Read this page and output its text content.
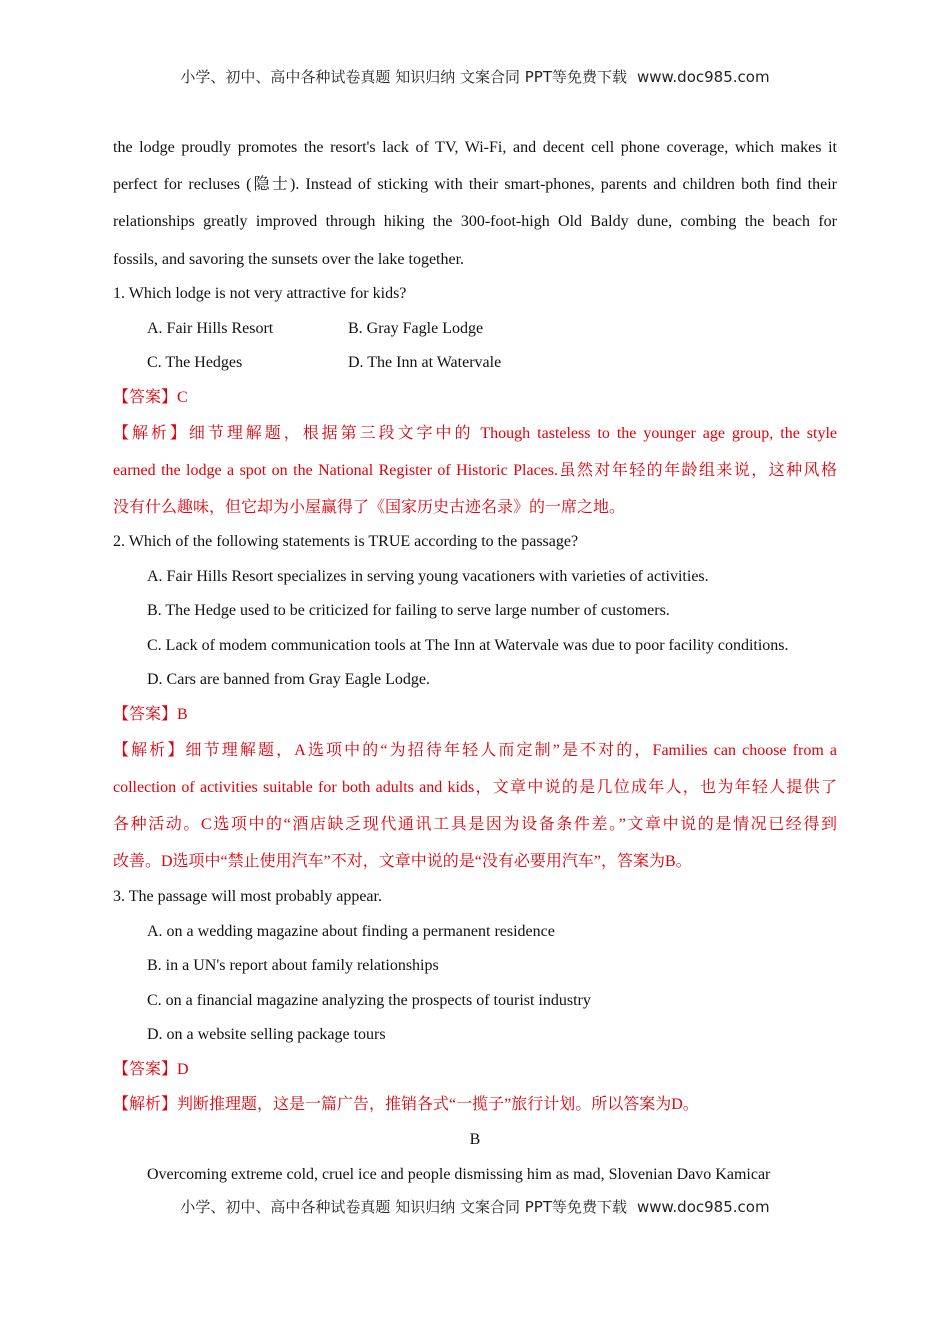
小学、初中、高中各种试卷真题 知识归纳 文案合同 PPT等免费下载 www.doc985.com
the lodge proudly promotes the resort's lack of TV, Wi-Fi, and decent cell phone coverage, which makes it
perfect for recluses (隐士). Instead of sticking with their smart-phones, parents and children both find their
relationships greatly improved through hiking the 300-foot-high Old Baldy dune, combing the beach for
fossils, and savoring the sunsets over the lake together.
1. Which lodge is not very attractive for kids?
A. Fair Hills Resort	B. Gray Fagle Lodge
C. The Hedges	D. The Inn at Watervale
【答案】C
【解析】细节理解题，根据第三段文字中的 Though tasteless to the younger age group, the style
earned the lodge a spot on the National Register of Historic Places.虽然对年轻的年龄组来说，这种风格
没有什么趣味，但它却为小屋赢得了《国家历史古迹名录》的一席之地。
2. Which of the following statements is TRUE according to the passage?
A. Fair Hills Resort specializes in serving young vacationers with varieties of activities.
B. The Hedge used to be criticized for failing to serve large number of customers.
C. Lack of modem communication tools at The Inn at Watervale was due to poor facility conditions.
D. Cars are banned from Gray Eagle Lodge.
【答案】B
【解析】细节理解题，A选项中的“为招待年轻人而定制”是不对的，Families can choose from a
collection of activities suitable for both adults and kids，文章中说的是几位成年人，也为年轻人提供了
各种活动。C选项中的“酒店缺乏现代通讯工具是因为设备条件差。”文章中说的是情况已经得到
改善。D选项中“禁止使用汽车”不对，文章中说的是“没有必要用汽车”，答案为B。
3. The passage will most probably appear.
A. on a wedding magazine about finding a permanent residence
B. in a UN's report about family relationships
C. on a financial magazine analyzing the prospects of tourist industry
D. on a website selling package tours
【答案】D
【解析】判断推理题，这是一篇广告，推销各式“一揽子”旅行计划。所以答案为D。
B
Overcoming extreme cold, cruel ice and people dismissing him as mad, Slovenian Davo Kamicar
小学、初中、高中各种试卷真题 知识归纳 文案合同 PPT等免费下载 www.doc985.com
